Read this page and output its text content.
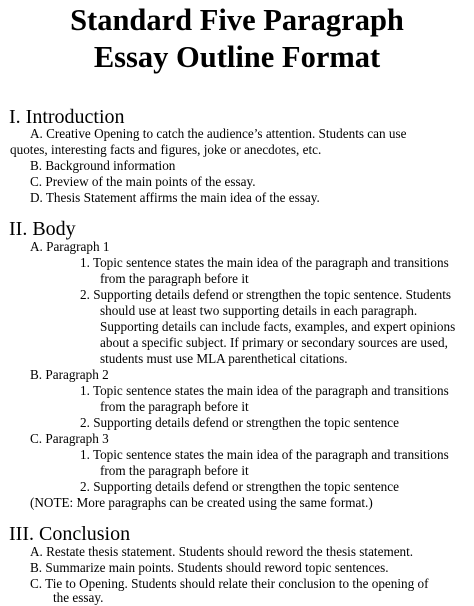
Standard Five Paragraph
Essay Outline Format
I. Introduction
A. Creative Opening to catch the audience’s attention. Students can use
quotes, interesting facts and figures, joke or anecdotes, etc.
B. Background information
C. Preview of the main points of the essay.
D. Thesis Statement affirms the main idea of the essay.
II. Body
A. Paragraph 1
1. Topic sentence states the main idea of the paragraph and transitions
from the paragraph before it
2. Supporting details defend or strengthen the topic sentence. Students
should use at least two supporting details in each paragraph.
Supporting details can include facts, examples, and expert opinions
about a specific subject. If primary or secondary sources are used,
students must use MLA parenthetical citations.
B. Paragraph 2
1. Topic sentence states the main idea of the paragraph and transitions
from the paragraph before it
2. Supporting details defend or strengthen the topic sentence
C. Paragraph 3
1. Topic sentence states the main idea of the paragraph and transitions
from the paragraph before it
2. Supporting details defend or strengthen the topic sentence
(NOTE: More paragraphs can be created using the same format.)
III. Conclusion
A. Restate thesis statement. Students should reword the thesis statement.
B. Summarize main points. Students should reword topic sentences.
C. Tie to Opening. Students should relate their conclusion to the opening of
the essay.
